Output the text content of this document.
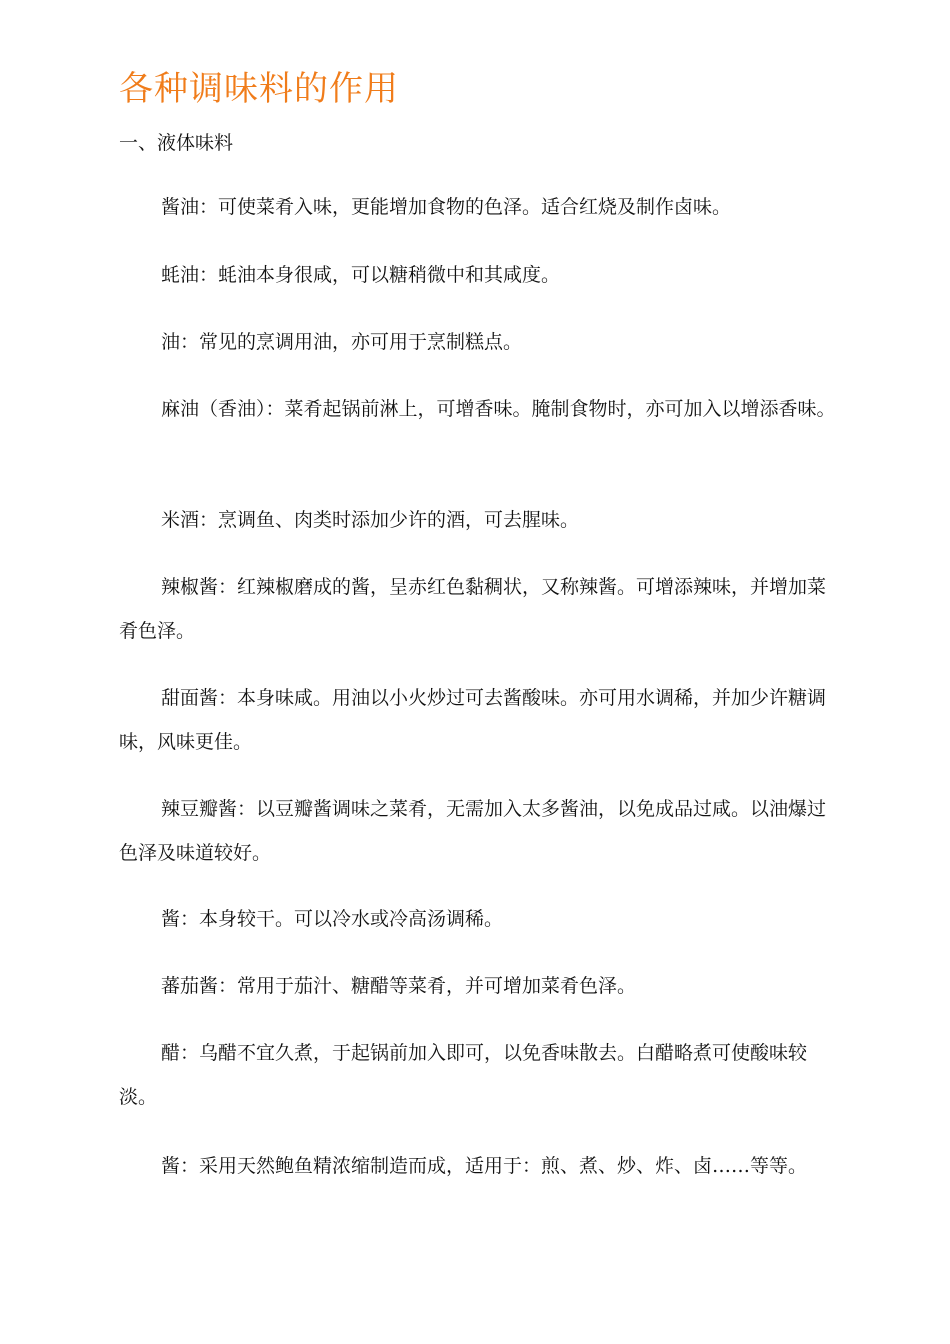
各种调味料的作用
一、液体味料

酱油：可使菜肴入味，更能增加食物的色泽。适合红烧及制作卤味。

蚝油：蚝油本身很咸，可以糖稍微中和其咸度。

油：常见的烹调用油，亦可用于烹制糕点。

麻油（香油）：菜肴起锅前淋上，可增香味。腌制食物时，亦可加入以增添香味。

米酒：烹调鱼、肉类时添加少许的酒，可去腥味。

辣椒酱：红辣椒磨成的酱，呈赤红色黏稠状，又称辣酱。可增添辣味，并增加菜肴色泽。

甜面酱：本身味咸。用油以小火炒过可去酱酸味。亦可用水调稀，并加少许糖调味，风味更佳。

辣豆瓣酱：以豆瓣酱调味之菜肴，无需加入太多酱油，以免成品过咸。以油爆过色泽及味道较好。

酱：本身较干。可以冷水或冷高汤调稀。

蕃茄酱：常用于茄汁、糖醋等菜肴，并可增加菜肴色泽。

醋：乌醋不宜久煮，于起锅前加入即可，以免香味散去。白醋略煮可使酸味较淡。

酱：采用天然鲍鱼精浓缩制造而成，适用于：煎、煮、炒、炸、卤……等等。
